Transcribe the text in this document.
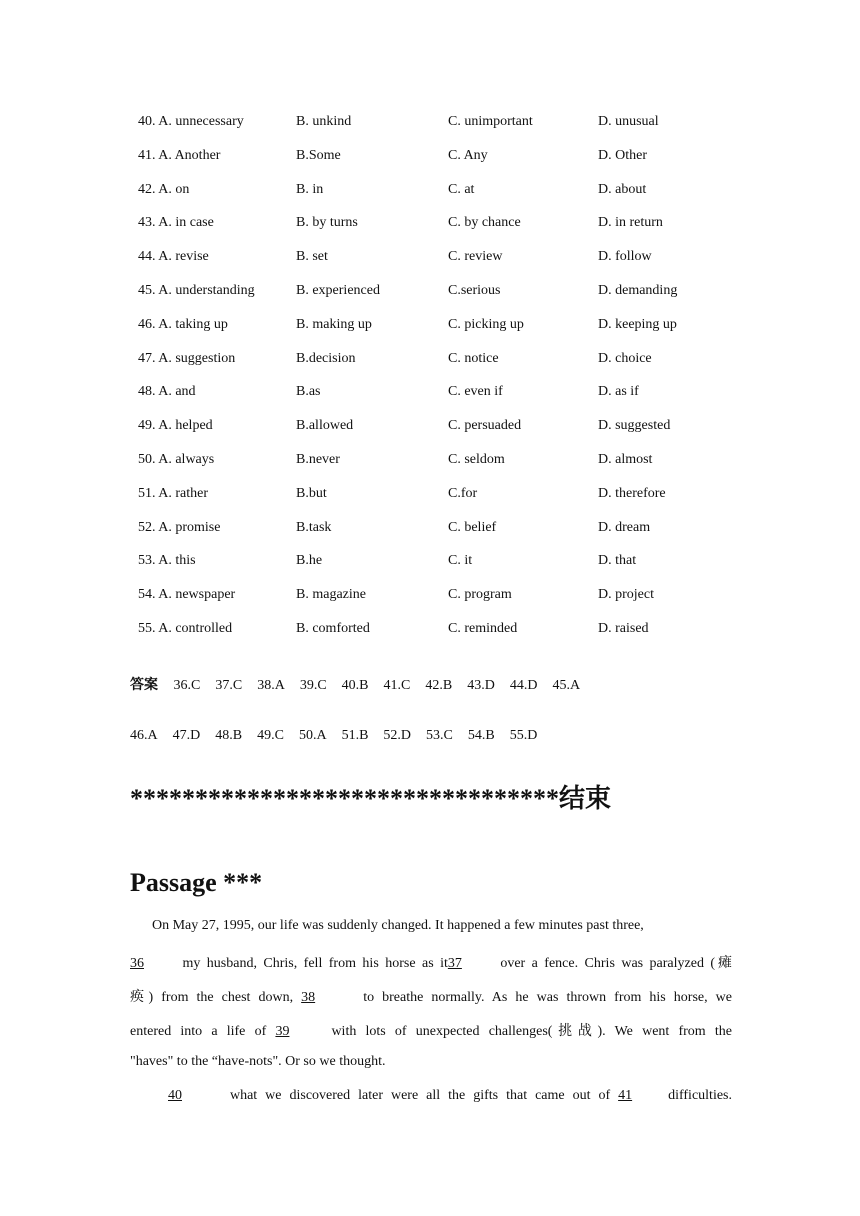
40. A. unnecessary	B. unkind	C. unimportant	D. unusual
41. A. Another	B.Some	C. Any	D. Other
42. A. on	B. in	C. at	D. about
43. A. in case	B. by turns	C. by chance	D. in return
44. A. revise	B. set	C. review	D. follow
45. A. understanding	B. experienced	C.serious	D. demanding
46. A. taking up	B. making up	C. picking up	D. keeping up
47. A. suggestion	B.decision	C. notice	D. choice
48. A. and	B.as	C. even if	D. as if
49. A. helped	B.allowed	C. persuaded	D. suggested
50. A. always	B.never	C. seldom	D. almost
51. A. rather	B.but	C.for	D. therefore
52. A. promise	B.task	C. belief	D. dream
53. A. this	B.he	C. it	D. that
54. A. newspaper	B. magazine	C. program	D. project
55. A. controlled	B. comforted	C. reminded	D. raised
答案 36.C 37.C 38.A 39.C 40.B 41.C 42.B 43.D 44.D 45.A
46.A 47.D 48.B 49.C 50.A 51.B 52.D 53.C 54.B 55.D
*********************************结束
Passage ***
On May 27, 1995, our life was suddenly changed. It happened a few minutes past three,
36	my husband, Chris, fell from his horse as it37	over a fence. Chris was paralyzed (瘫
痪) from the chest down, 38	to breathe normally. As he was thrown from his horse, we
entered into a life of 39	with lots of unexpected challenges(挑战). We went from the
"haves" to the “have-nots". Or so we thought.
40	what we discovered later were all the gifts that came out of 41	difficulties.
